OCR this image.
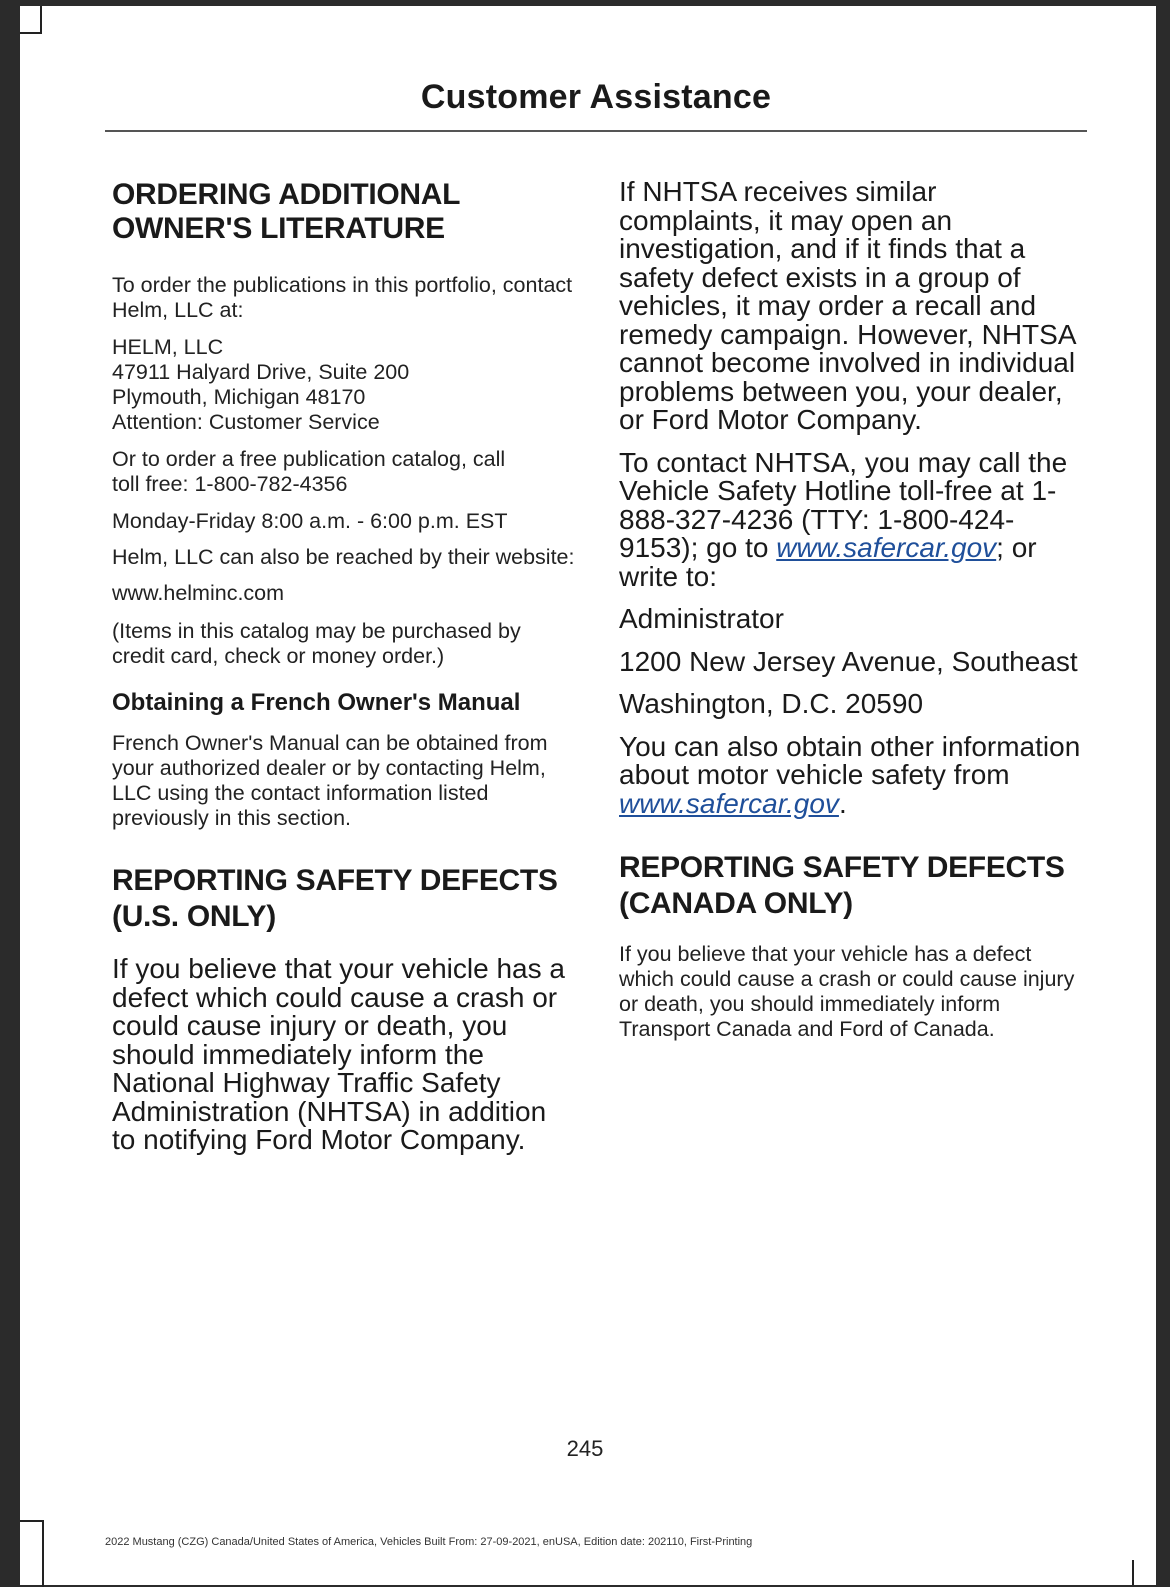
Customer Assistance

ORDERING ADDITIONAL
OWNER'S LITERATURE

To order the publications in this portfolio, contact Helm, LLC at:

HELM, LLC
47911 Halyard Drive, Suite 200
Plymouth, Michigan 48170
Attention: Customer Service

Or to order a free publication catalog, call
toll free: 1-800-782-4356

Monday-Friday 8:00 a.m. - 6:00 p.m. EST

Helm, LLC can also be reached by their website:

www.helminc.com

(Items in this catalog may be purchased by credit card, check or money order.)

Obtaining a French Owner's Manual

French Owner's Manual can be obtained from your authorized dealer or by contacting Helm, LLC using the contact information listed previously in this section.

REPORTING SAFETY DEFECTS
(U.S. ONLY)

If you believe that your vehicle has a defect which could cause a crash or could cause injury or death, you should immediately inform the National Highway Traffic Safety Administration (NHTSA) in addition to notifying Ford Motor Company.

If NHTSA receives similar complaints, it may open an investigation, and if it finds that a safety defect exists in a group of vehicles, it may order a recall and remedy campaign. However, NHTSA cannot become involved in individual problems between you, your dealer, or Ford Motor Company.

To contact NHTSA, you may call the Vehicle Safety Hotline toll-free at 1-888-327-4236 (TTY: 1-800-424-9153); go to www.safercar.gov; or write to:

Administrator

1200 New Jersey Avenue, Southeast

Washington, D.C. 20590

You can also obtain other information about motor vehicle safety from www.safercar.gov.

REPORTING SAFETY DEFECTS
(CANADA ONLY)

If you believe that your vehicle has a defect which could cause a crash or could cause injury or death, you should immediately inform Transport Canada and Ford of Canada.

245
2022 Mustang (CZG) Canada/United States of America, Vehicles Built From: 27-09-2021, enUSA, Edition date: 202110, First-Printing
